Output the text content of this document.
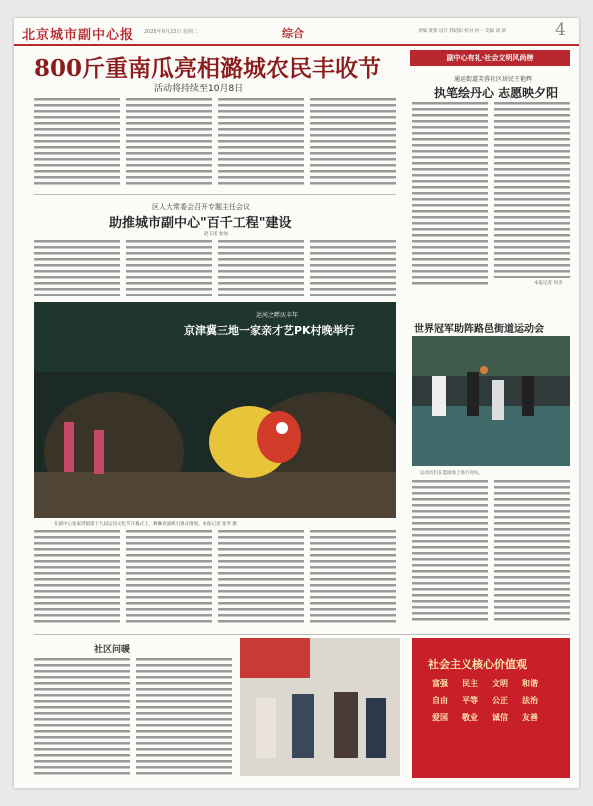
北京城市副中心报 2025年9月23日 星期二	综合	责编 黄蓉 设计 郭绍阳 校对 何一 美编 刘 新	4
800斤重南瓜亮相潞城农民丰收节
活动将持续至10月8日
副中心有礼·社会文明风尚榜
通运街道芙蓉社区居民王艳辉
执笔绘丹心 志愿映夕阳
本报记者 何杰
区人大常委会召开专题主任会议
助推城市副中心"百千工程"建设
赵玉彤 参加
世界冠军助阵路邑街道运动会
运动员们在篮球场上进行对抗。
运河之畔庆丰年
京津冀三地一家亲才艺PK村晚举行
在副中心张家湾镇第十九届运河文化节开幕式上，舞狮表演吸引观众围观。本报记者 张华 摄
社区问暖
社会主义核心价值观
富强	民主	文明	和谐
自由	平等	公正	法治
爱国	敬业	诚信	友善
